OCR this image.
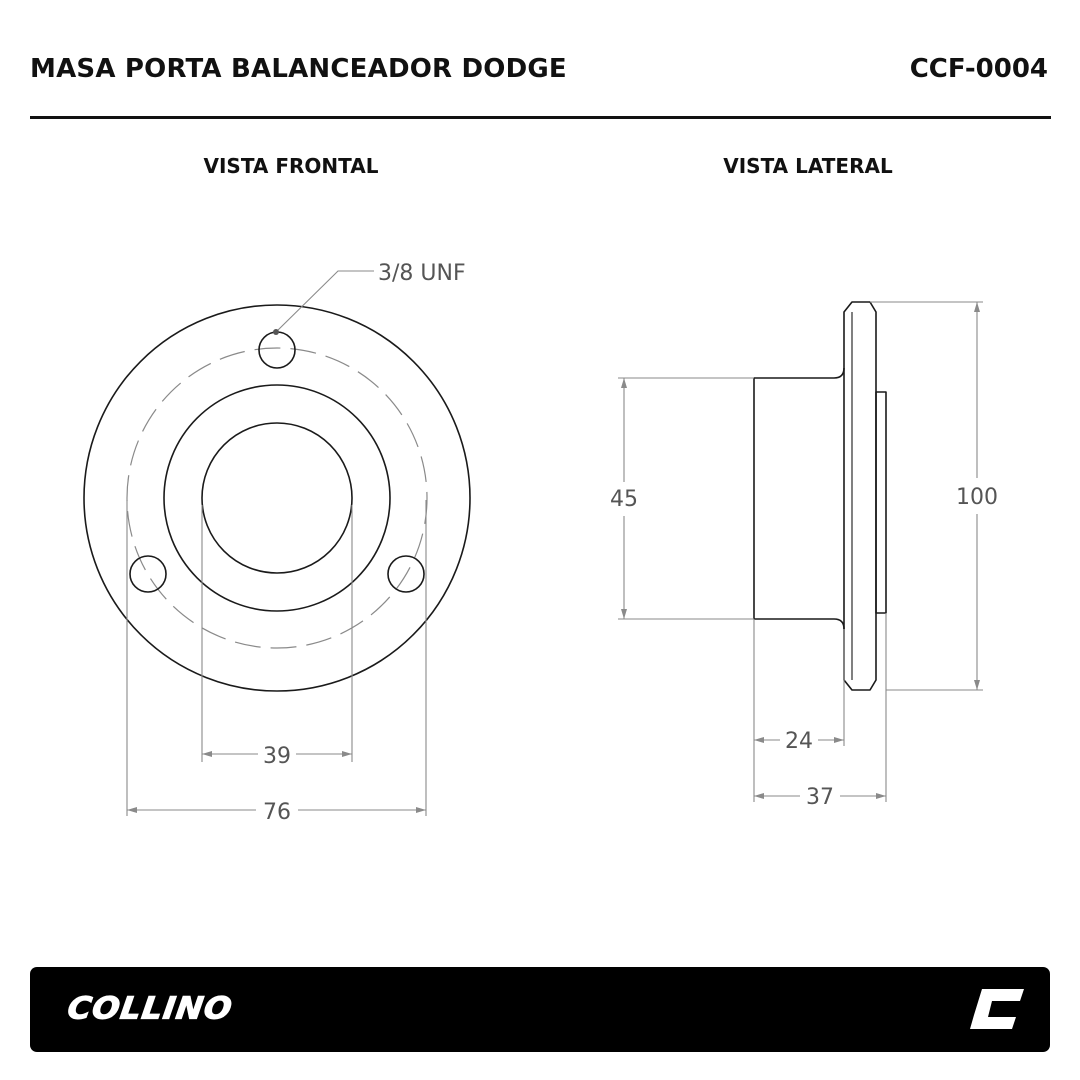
MASA PORTA BALANCEADOR DODGE	CCF-0004
VISTA FRONTAL	VISTA LATERAL
3/8 UNF
39
76
45	100
24
37
COLLINO
